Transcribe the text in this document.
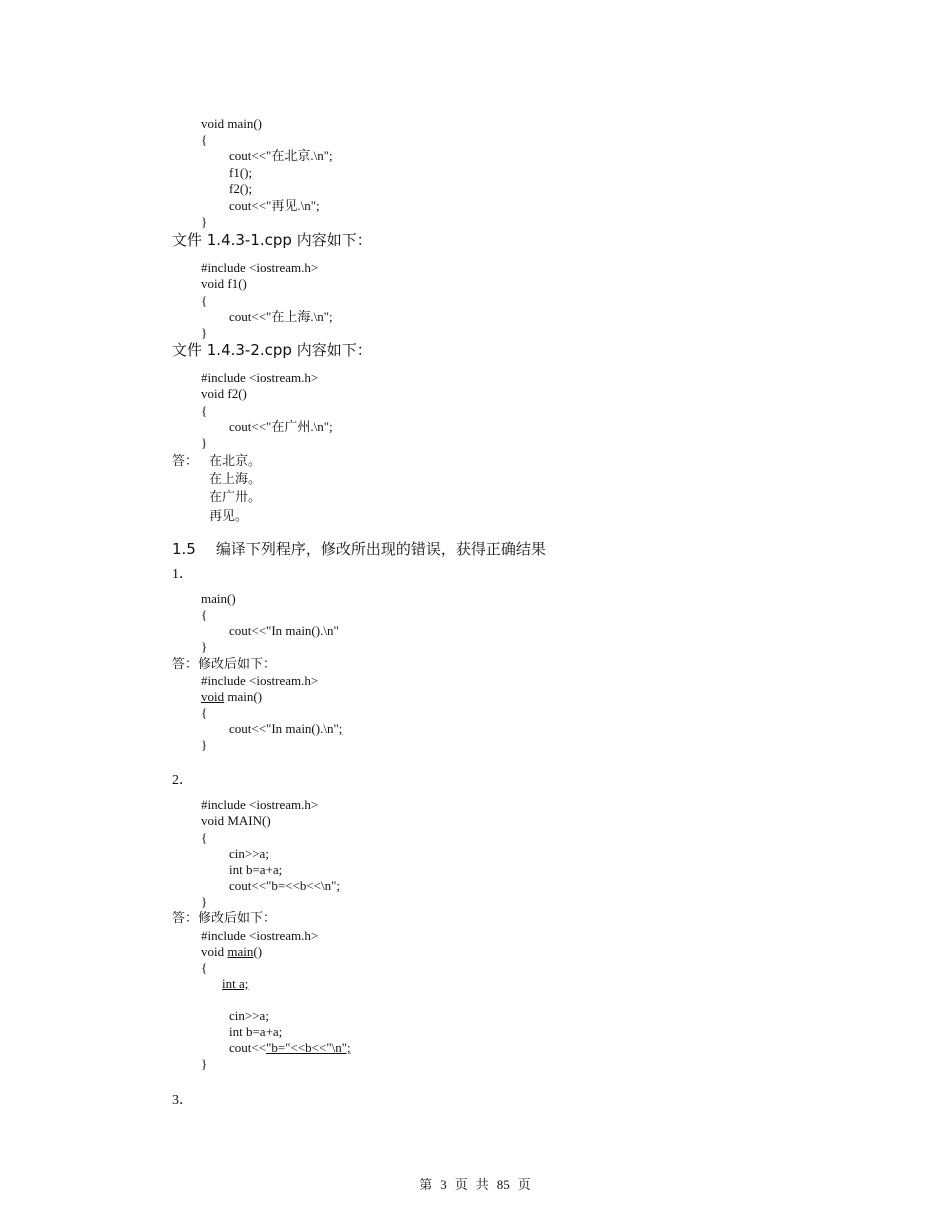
void main()
{
cout<<"在北京.\n";
f1();
f2();
cout<<"再见.\n";
}
文件 1.4.3-1.cpp 内容如下：
#include <iostream.h>
void f1()
{
cout<<"在上海.\n";
}
文件 1.4.3-2.cpp 内容如下：
#include <iostream.h>
void f2()
{
cout<<"在广州.\n";
}
答： 在北京。
在上海。
在广卅。
再见。
1.5 编译下列程序，修改所出现的错误，获得正确结果
1．
main()
{
cout<<"In main().\n"
}
答：修改后如下：
#include <iostream.h>
void main()
{
cout<<"In main().\n";
}
2．
#include <iostream.h>
void MAIN()
{
cin>>a;
int b=a+a;
cout<<"b=<<b<<\n";
}
答：修改后如下：
#include <iostream.h>
void main()
{
int a;
cin>>a;
int b=a+a;
cout<<"b="<<b<<"\n";
}
3．
第 3 页 共 85 页
